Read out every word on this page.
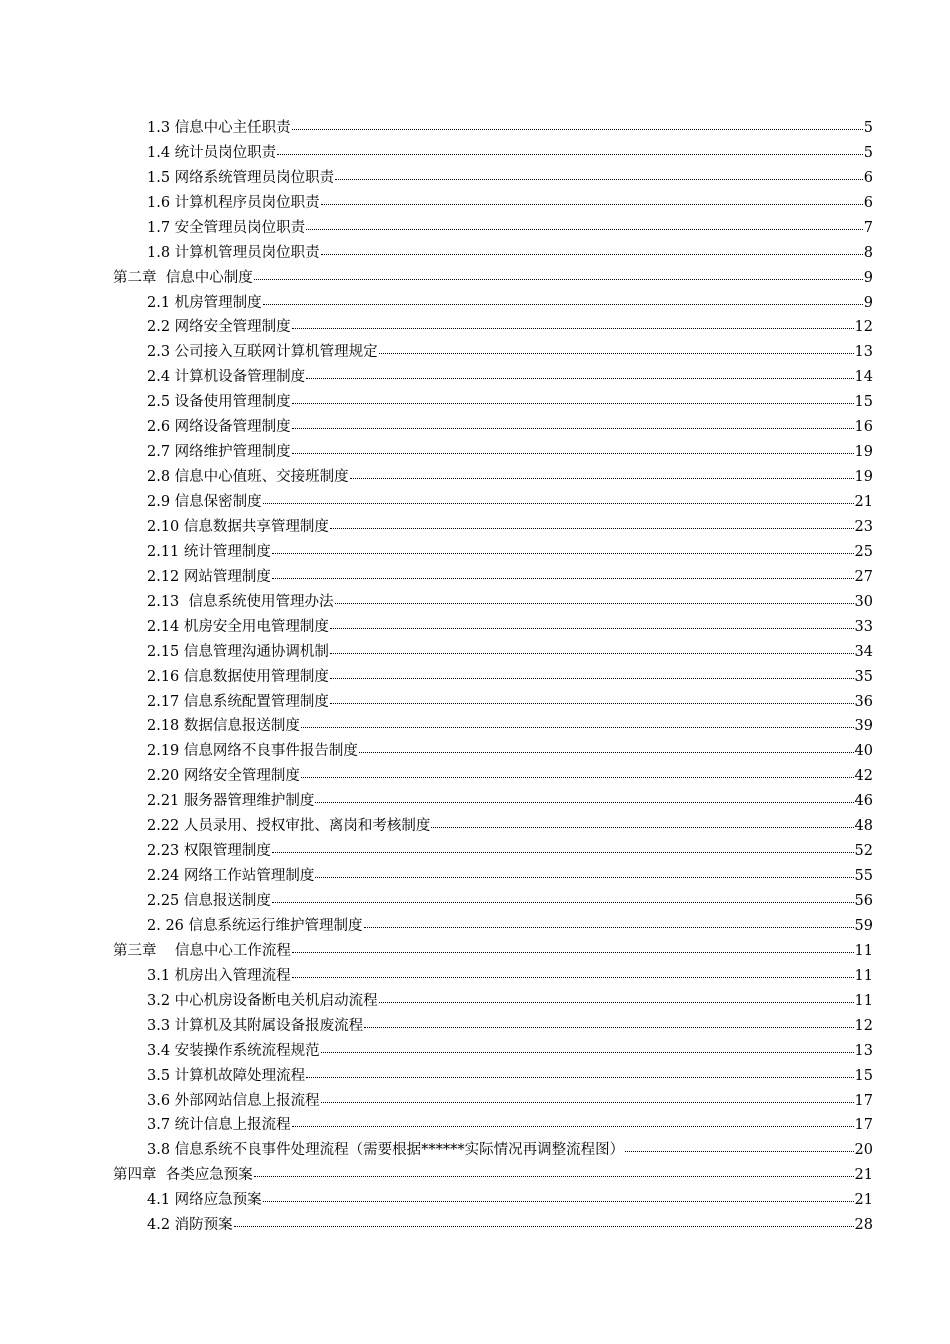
1.3 信息中心主任职责	5
1.4 统计员岗位职责	5
1.5 网络系统管理员岗位职责	6
1.6 计算机程序员岗位职责	6
1.7 安全管理员岗位职责	7
1.8 计算机管理员岗位职责	8
第二章  信息中心制度	9
2.1 机房管理制度	9
2.2 网络安全管理制度	12
2.3 公司接入互联网计算机管理规定	13
2.4 计算机设备管理制度	14
2.5 设备使用管理制度	15
2.6 网络设备管理制度	16
2.7 网络维护管理制度	19
2.8 信息中心值班、交接班制度	19
2.9 信息保密制度	21
2.10 信息数据共享管理制度	23
2.11 统计管理制度	25
2.12 网站管理制度	27
2.13  信息系统使用管理办法	30
2.14 机房安全用电管理制度	33
2.15 信息管理沟通协调机制	34
2.16 信息数据使用管理制度	35
2.17 信息系统配置管理制度	36
2.18 数据信息报送制度	39
2.19 信息网络不良事件报告制度	40
2.20 网络安全管理制度	42
2.21 服务器管理维护制度	46
2.22 人员录用、授权审批、离岗和考核制度	48
2.23 权限管理制度	52
2.24 网络工作站管理制度	55
2.25 信息报送制度	56
2. 26 信息系统运行维护管理制度	59
第三章    信息中心工作流程	11
3.1 机房出入管理流程	11
3.2 中心机房设备断电关机启动流程	11
3.3 计算机及其附属设备报废流程	12
3.4 安装操作系统流程规范	13
3.5 计算机故障处理流程	15
3.6 外部网站信息上报流程	17
3.7 统计信息上报流程	17
3.8 信息系统不良事件处理流程（需要根据******实际情况再调整流程图）	20
第四章  各类应急预案	21
4.1 网络应急预案	21
4.2 消防预案	28
